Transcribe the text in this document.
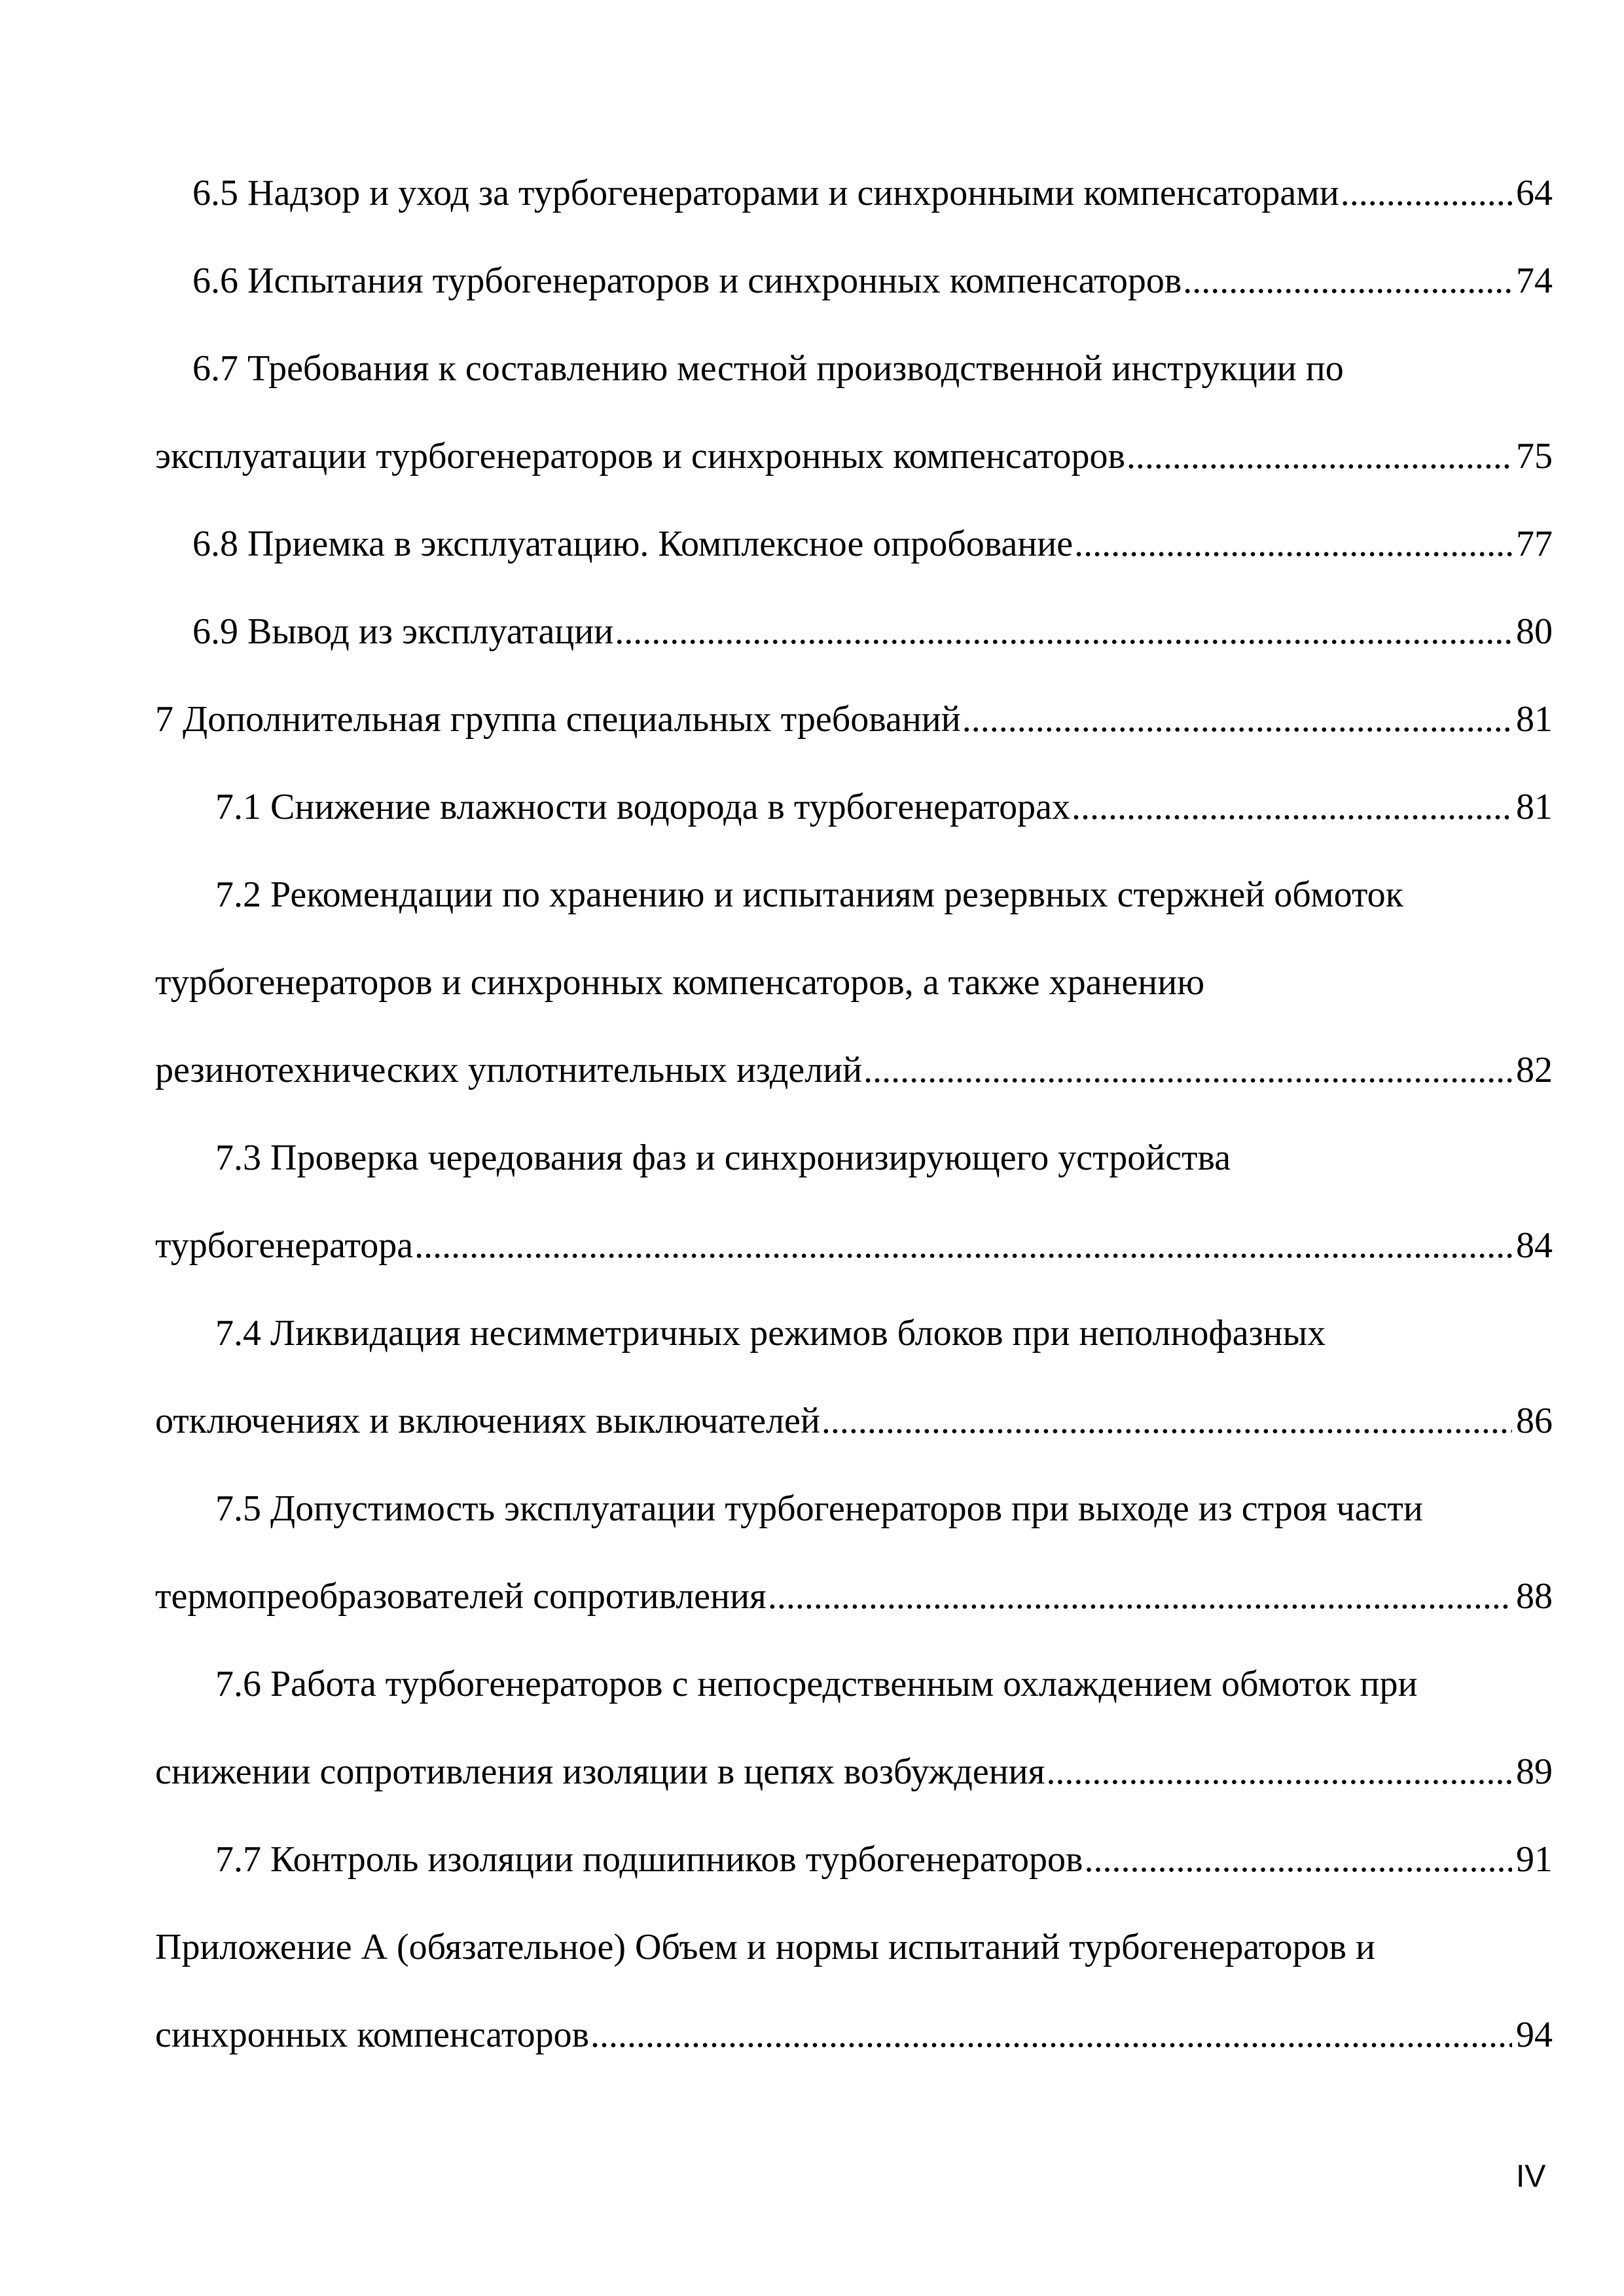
6.5 Надзор и уход за турбогенераторами и синхронными компенсаторами .....	64
6.6 Испытания турбогенераторов и синхронных компенсаторов .....	74
6.7 Требования к составлению местной производственной инструкции по
эксплуатации турбогенераторов и синхронных компенсаторов .....	75
6.8 Приемка в эксплуатацию. Комплексное опробование .....	77
6.9 Вывод из эксплуатации .....	80
7 Дополнительная группа специальных требований .....	81
7.1 Снижение влажности водорода в турбогенераторах .....	81
7.2 Рекомендации по хранению и испытаниям резервных стержней обмоток
турбогенераторов и синхронных компенсаторов, а также хранению
резинотехнических уплотнительных изделий .....	82
7.3 Проверка чередования фаз и синхронизирующего устройства
турбогенератора .....	84
7.4 Ликвидация несимметричных режимов блоков при неполнофазных
отключениях и включениях выключателей .....	86
7.5 Допустимость эксплуатации турбогенераторов при выходе из строя части
термопреобразователей сопротивления .....	88
7.6 Работа турбогенераторов с непосредственным охлаждением обмоток при
снижении сопротивления изоляции в цепях возбуждения .....	89
7.7 Контроль изоляции подшипников турбогенераторов .....	91
Приложение А (обязательное) Объем и нормы испытаний турбогенераторов и
синхронных компенсаторов .....	94
IV
